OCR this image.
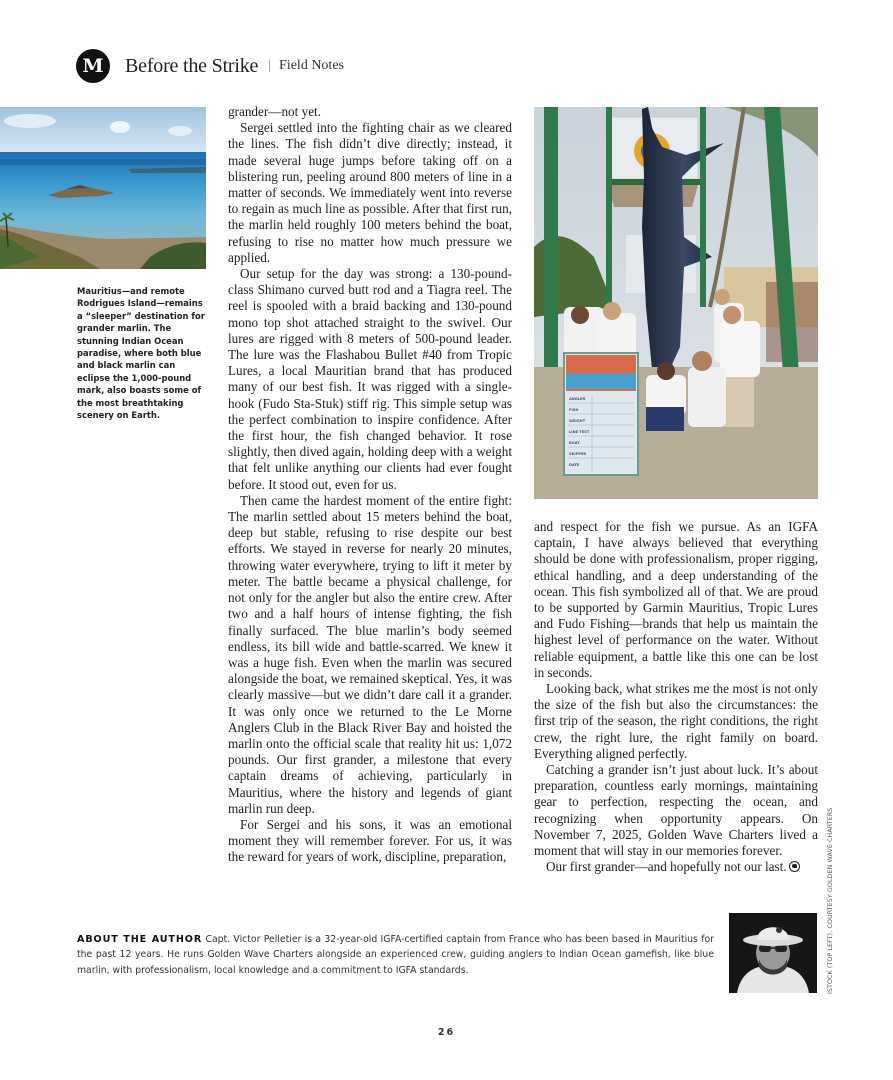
M	Before the Strike | Field Notes
Mauritius—and remote Rodrigues Island—remains a “sleeper” destination for grander marlin. The stunning Indian Ocean paradise, where both blue and black marlin can eclipse the 1,000-pound mark, also boasts some of the most breathtaking scenery on Earth.

grander—not yet.

Sergei settled into the fighting chair as we cleared the lines. The fish didn’t dive directly; instead, it made several huge jumps before taking off on a blistering run, peeling around 800 meters of line in a matter of seconds. We immediately went into reverse to regain as much line as possible. After that first run, the marlin held roughly 100 meters behind the boat, refusing to rise no matter how much pressure we applied.

Our setup for the day was strong: a 130-pound-class Shimano curved butt rod and a Tiagra reel. The reel is spooled with a braid backing and 130-pound mono top shot attached straight to the swivel. Our lures are rigged with 8 meters of 500-pound leader. The lure was the Flashabou Bullet #40 from Tropic Lures, a local Mauritian brand that has produced many of our best fish. It was rigged with a single-hook (Fudo Sta-Stuk) stiff rig. This simple setup was the perfect combination to inspire confidence. After the first hour, the fish changed behavior. It rose slightly, then dived again, holding deep with a weight that felt unlike anything our clients had ever fought before. It stood out, even for us.

Then came the hardest moment of the entire fight: The marlin settled about 15 meters behind the boat, deep but stable, refusing to rise despite our best efforts. We stayed in reverse for nearly 20 minutes, throwing water everywhere, trying to lift it meter by meter. The battle became a physical challenge, for not only for the angler but also the entire crew. After two and a half hours of intense fighting, the fish finally surfaced. The blue marlin’s body seemed endless, its bill wide and battle-scarred. We knew it was a huge fish. Even when the marlin was secured alongside the boat, we remained skeptical. Yes, it was clearly massive—but we didn’t dare call it a grander. It was only once we returned to the Le Morne Anglers Club in the Black River Bay and hoisted the marlin onto the official scale that reality hit us: 1,072 pounds. Our first grander, a milestone that every captain dreams of achieving, particularly in Mauritius, where the history and legends of giant marlin run deep.

For Sergei and his sons, it was an emotional moment they will remember forever. For us, it was the reward for years of work, discipline, preparation,

ANGLER
FISH
WEIGHT
LINE TEST
BOAT
SKIPPER
DATE

and respect for the fish we pursue. As an IGFA captain, I have always believed that everything should be done with professionalism, proper rigging, ethical handling, and a deep understanding of the ocean. This fish symbolized all of that. We are proud to be supported by Garmin Mauritius, Tropic Lures and Fudo Fishing—brands that help us maintain the highest level of performance on the water. Without reliable equipment, a battle like this one can be lost in seconds.

Looking back, what strikes me the most is not only the size of the fish but also the circumstances: the first trip of the season, the right conditions, the right crew, the right lure, the right family on board. Everything aligned perfectly.

Catching a grander isn’t just about luck. It’s about preparation, countless early mornings, maintaining gear to perfection, respecting the ocean, and recognizing when opportunity appears. On November 7, 2025, Golden Wave Charters lived a moment that will stay in our memories forever.

Our first grander—and hopefully not our last.	ISTOCK (TOP LEFT), COURTESY GOLDEN WAVE CHARTERS
ABOUT THE AUTHOR Capt. Victor Pelletier is a 32-year-old IGFA-certified captain from France who has been based in Mauritius for the past 12 years. He runs Golden Wave Charters alongside an experienced crew, guiding anglers to Indian Ocean gamefish, like blue marlin, with professionalism, local knowledge and a commitment to IGFA standards.
26
